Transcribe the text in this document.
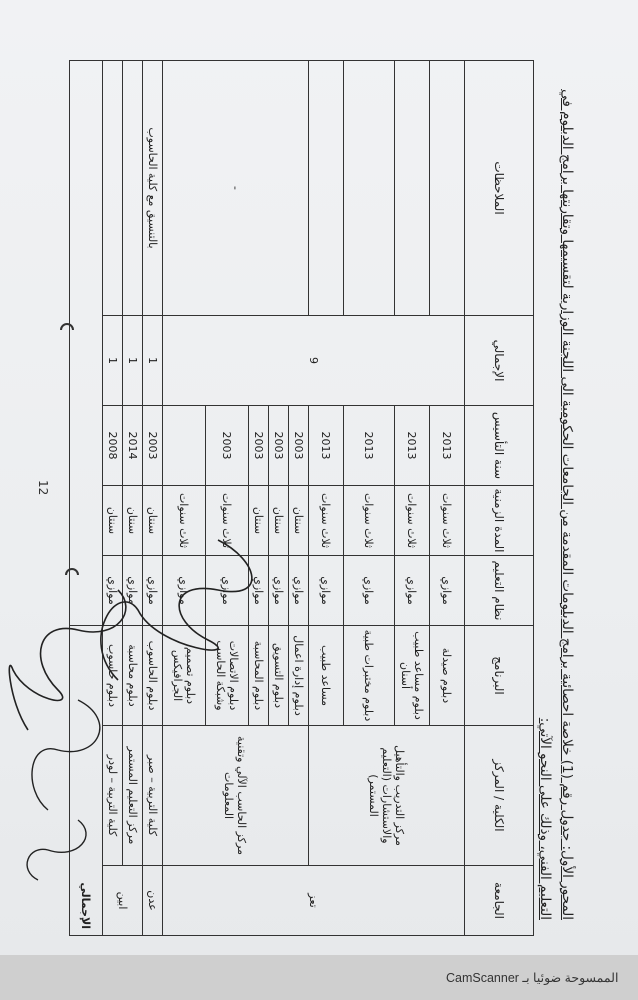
المحور الأول: جدول رقم (1) خلاصة احصائية برامج الدبلومات المقدمة من الجامعات الحكومية الى اللجنة الوزارية لتقسيمها وتقارنتها برامج الدبلوم في
التعليم الفني، وذلك على النحو الآتي:
الجامعة	الكلية / المركز	البرنامج	نظام التعليم	المدة الزمنية	سنة التأسيس	الإجمالي	الملاحظات
تعز	مركز التدريب والتأهيل والاستشارات (التعليم المستمر)	دبلوم صيدلة	موازي	ثلاث سنوات	2013	9	
		دبلوم مساعد طبيب أسنان	موازي	ثلاث سنوات	2013		
		دبلوم مختبرات طبية	موازي	ثلاث سنوات	2013		
		مساعد طبيب	موازي	ثلاث سنوات	2013		
	مركز الحاسب الآلي وتقنية المعلومات	دبلوم إدارة اعمال	موازي	سنتان	2003		-
		دبلوم التسويق	موازي	سنتان	2003		
		دبلوم المحاسبة	موازي	سنتان	2003		
		دبلوم الاتصالات وشبكة الحاسب	موازي	ثلاث سنوات	2003		
		دبلوم تصميم الجرافيكس	موازي	ثلاث سنوات			
عدن	كلية التربية – صبر	دبلوم الحاسوب	موازي	سنتان	2003	1	بالتنسيق مع كلية الحاسوب
ابين	مركز التعليم المستمر	دبلوم محاسبة	موازي	سنتان	2014	1	
	كلية التربية – لودر	دبلوم حاسوب	موازي	سنتان	2008	1	
الإجمالي							
12
الممسوحة ضوئيا بـ CamScanner
